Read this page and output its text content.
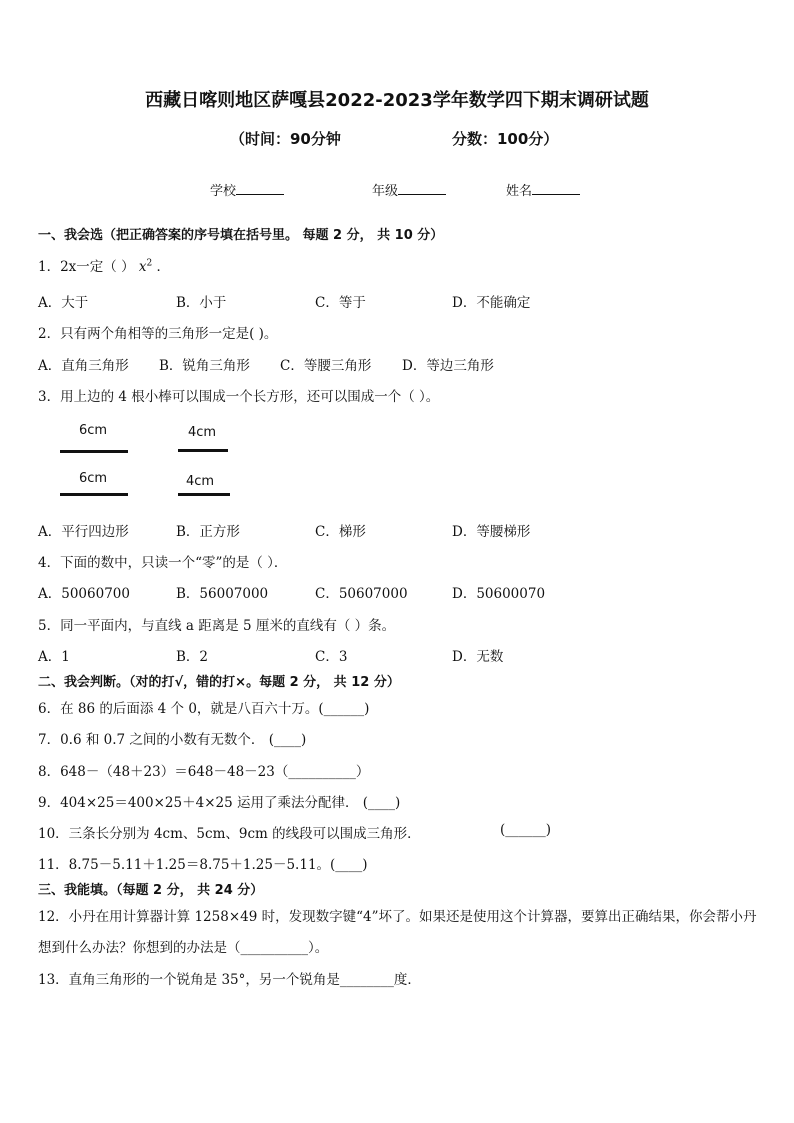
西藏日喀则地区萨嘎县2022-2023学年数学四下期末调研试题
（时间：90分钟	分数：100分）
学校	年级	姓名
一、我会选（把正确答案的序号填在括号里。 每题 2 分， 共 10 分）
1．2x一定（ ） $x^2$ ．
A．大于	B．小于	C．等于	D．不能确定
2．只有两个角相等的三角形一定是( )。
A．直角三角形 B．锐角三角形 C．等腰三角形 D．等边三角形
3．用上边的 4 根小棒可以围成一个长方形，还可以围成一个（ ）。
6cm	4cm
6cm	4cm
A．平行四边形	B．正方形	C．梯形	D．等腰梯形
4．下面的数中，只读一个“零”的是（ ）．
A．50060700	B．56007000	C．50607000	D．50600070
5．同一平面内，与直线 a 距离是 5 厘米的直线有（ ）条。
A．1	B．2	C．3	D．无数
二、我会判断。（对的打√，错的打×。每题 2 分， 共 12 分）
6．在 86 的后面添 4 个 0，就是八百六十万。(______)
7．0.6 和 0.7 之间的小数有无数个． (____)
8．648－（48＋23）＝648－48－23（__________）
9．404×25＝400×25＋4×25 运用了乘法分配律． (____)
10．三条长分别为 4cm、5cm、9cm 的线段可以围成三角形．	(______)
11．8.75－5.11＋1.25＝8.75＋1.25－5.11。(____)
三、我能填。（每题 2 分， 共 24 分）
12．小丹在用计算器计算 1258×49 时，发现数字键“4”坏了。如果还是使用这个计算器，要算出正确结果，你会帮小丹
想到什么办法？你想到的办法是（__________）。
13．直角三角形的一个锐角是 35°，另一个锐角是________度．
